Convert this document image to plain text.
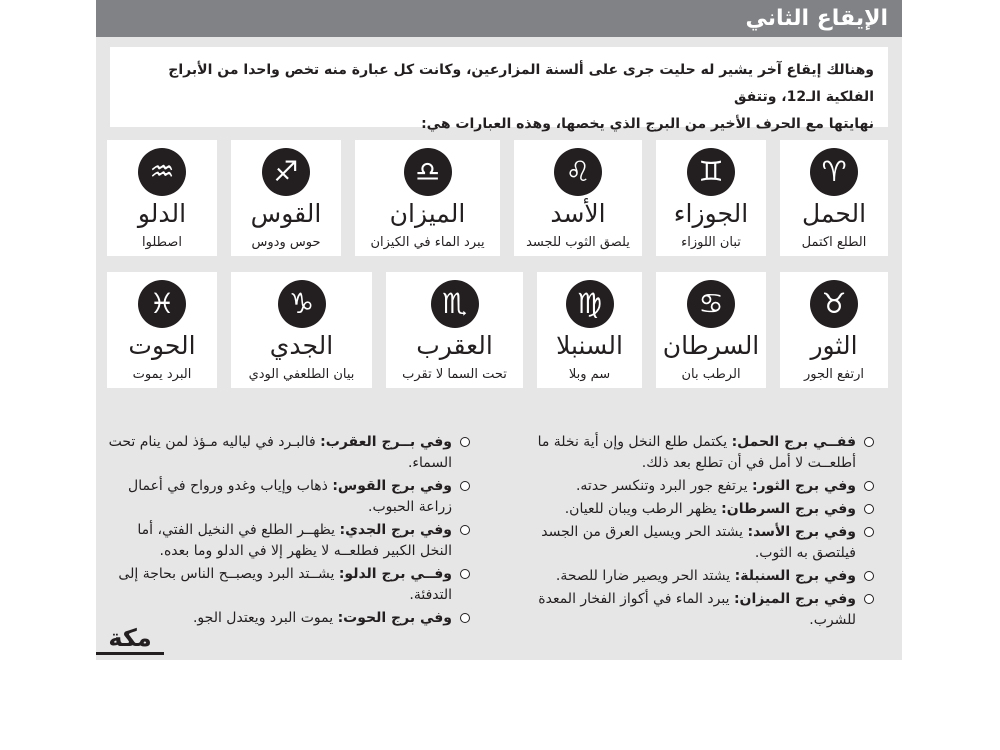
الإيقاع الثاني
وهنالك إيقاع آخر يشير له حليت جرى على ألسنة المزارعين، وكانت كل عبارة منه تخص واحدا من الأبراج الفلكية الـ12، وتتفق
نهايتها مع الحرف الأخير من البرج الذي يخصها، وهذه العبارات هي:
♈
الحمل
الطلع اكتمل
♊
الجوزاء
تبان اللوزاء
♌
الأسد
يلصق الثوب للجسد
♎
الميزان
يبرد الماء في الكيزان
♐
القوس
حوس ودوس
♒
الدلو
اصطلوا
♉
الثور
ارتفع الجور
♋
السرطان
الرطب بان
♍
السنبلا
سم وبلا
♏
العقرب
تحت السما لا تقرب
♑
الجدي
بيان الطلعفي الودي
♓
الحوت
البرد يموت
ففــي برج الحمل: يكتمل طلع النخل وإن أية نخلة ما أطلعــت لا أمل في أن تطلع بعد ذلك.
وفي برج الثور: يرتفع جور البرد وتنكسر حدته.
وفي برج السرطان: يظهر الرطب ويبان للعيان.
وفي برج الأسد: يشتد الحر ويسيل العرق من الجسد فيلتصق به الثوب.
وفي برج السنبلة: يشتد الحر ويصير ضارا للصحة.
وفي برج الميزان: يبرد الماء في أكواز الفخار المعدة للشرب.
وفي بــرج العقرب: فالبـرد في لياليه مـؤذ لمن ينام تحت السماء.
وفي برج القوس: ذهاب وإياب وغدو ورواح في أعمال زراعة الحبوب.
وفي برج الجدي: يظهــر الطلع في النخيل الفتي، أما النخل الكبير فطلعــه لا يظهر إلا في الدلو وما بعده.
وفــي برج الدلو: يشــتد البرد ويصبــح الناس بحاجة إلى التدفئة.
وفي برج الحوت: يموت البرد ويعتدل الجو.
مكة
